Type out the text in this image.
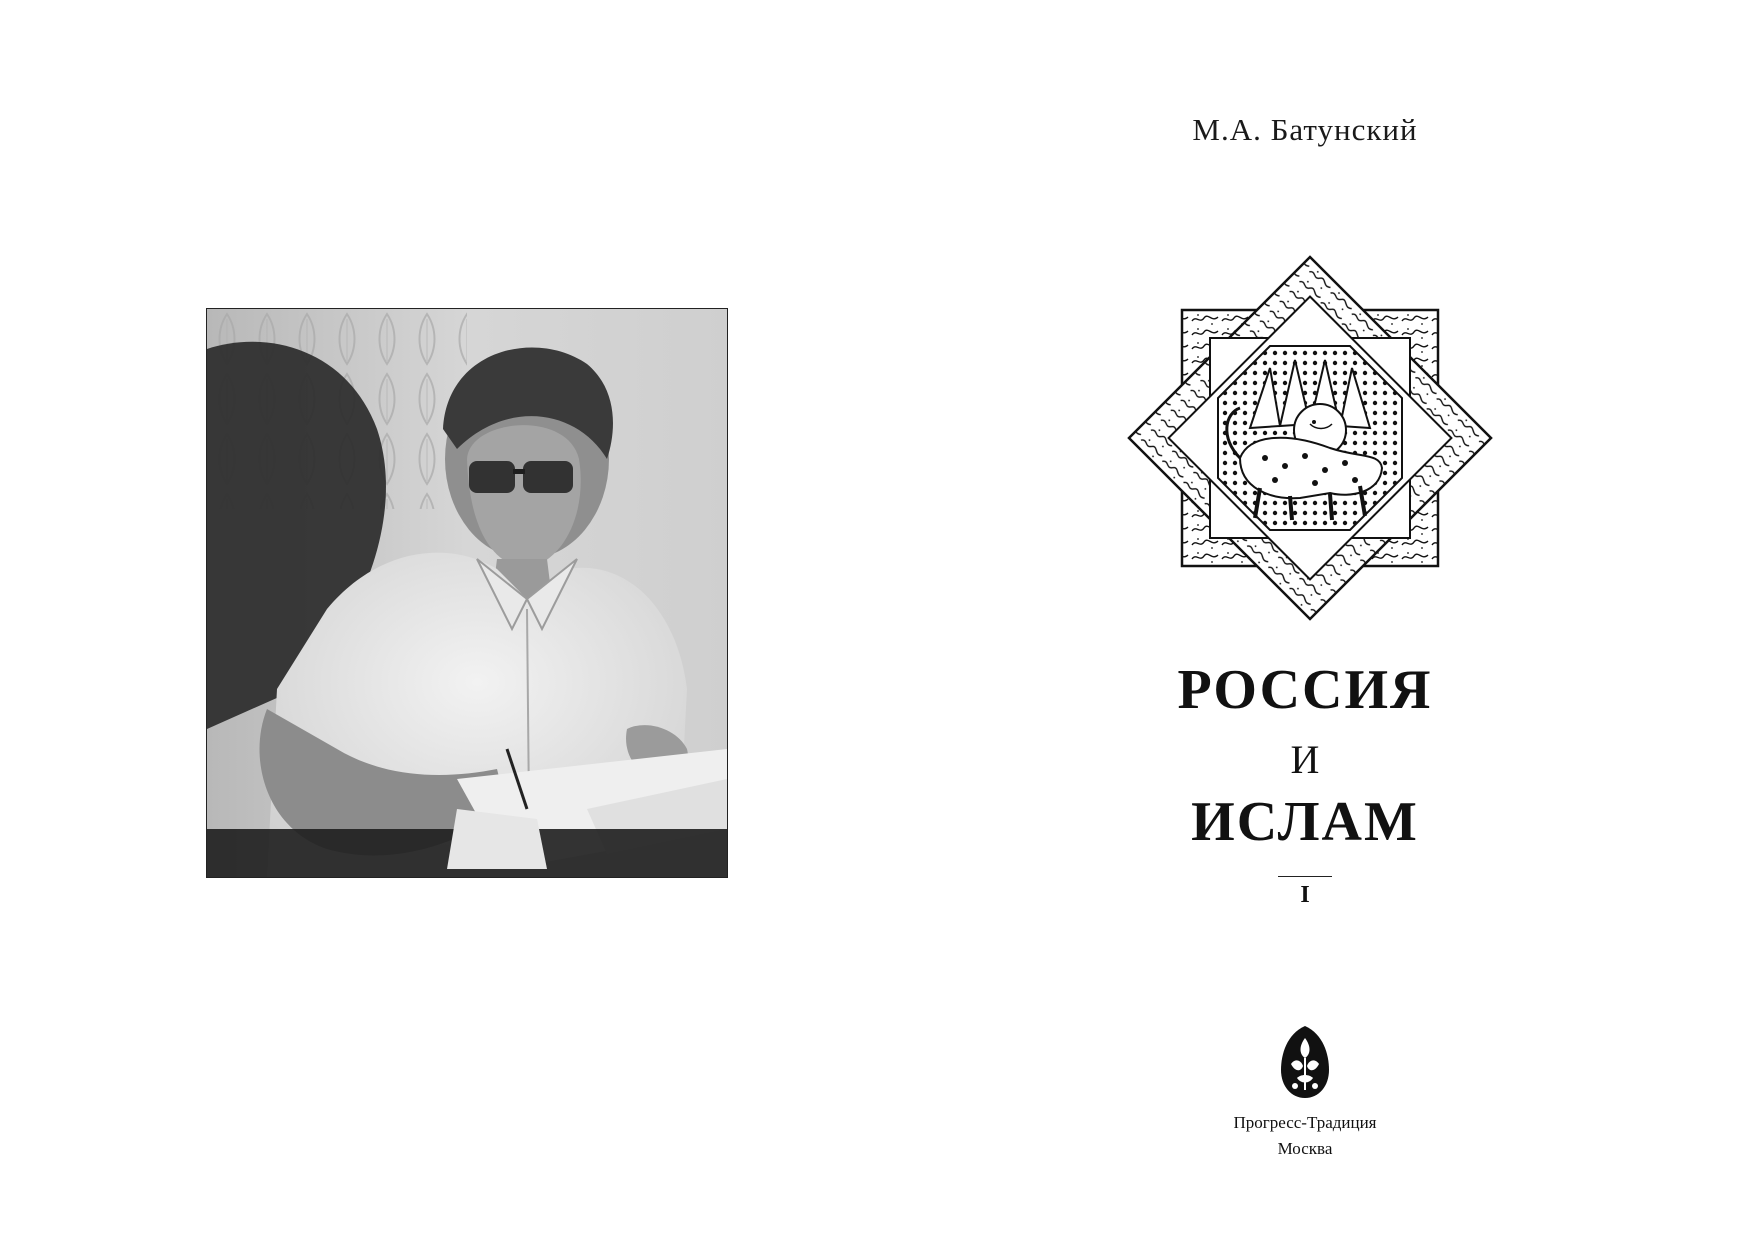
М.А. Батунский
РОССИЯ
И
ИСЛАМ
I
Прогресс-Традиция
Москва
